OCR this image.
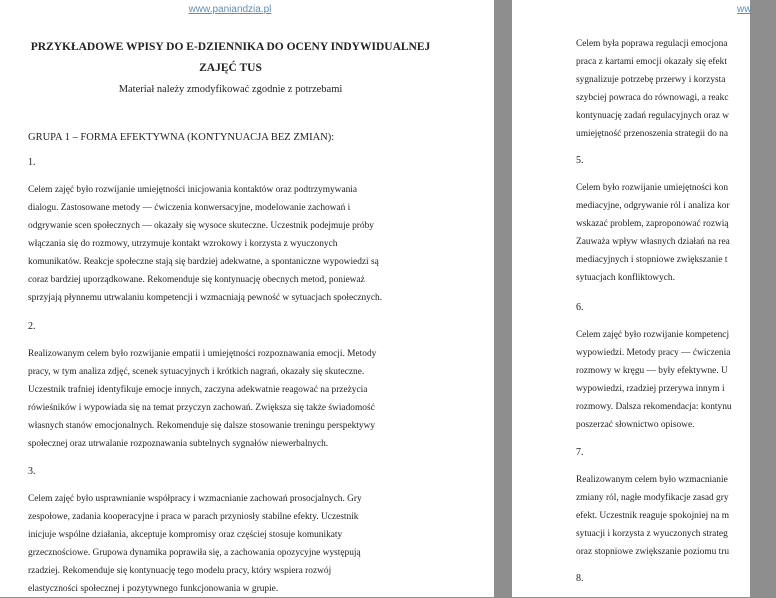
www.paniandzia.pl
PRZYKŁADOWE WPISY DO E-DZIENNIKA DO OCENY INDYWIDUALNEJ
ZAJĘĆ TUS
Materiał należy zmodyfikować zgodnie z potrzebami
GRUPA 1 – FORMA EFEKTYWNA (KONTYNUACJA BEZ ZMIAN):
1.
Celem zajęć było rozwijanie umiejętności inicjowania kontaktów oraz podtrzymywania
dialogu. Zastosowane metody — ćwiczenia konwersacyjne, modelowanie zachowań i
odgrywanie scen społecznych — okazały się wysoce skuteczne. Uczestnik podejmuje próby
włączania się do rozmowy, utrzymuje kontakt wzrokowy i korzysta z wyuczonych
komunikatów. Reakcje społeczne stają się bardziej adekwatne, a spontaniczne wypowiedzi są
coraz bardziej uporządkowane. Rekomenduje się kontynuację obecnych metod, ponieważ
sprzyjają płynnemu utrwalaniu kompetencji i wzmacniają pewność w sytuacjach społecznych.
2.
Realizowanym celem było rozwijanie empatii i umiejętności rozpoznawania emocji. Metody
pracy, w tym analiza zdjęć, scenek sytuacyjnych i krótkich nagrań, okazały się skuteczne.
Uczestnik trafniej identyfikuje emocje innych, zaczyna adekwatnie reagować na przeżycia
rówieśników i wypowiada się na temat przyczyn zachowań. Zwiększa się także świadomość
własnych stanów emocjonalnych. Rekomenduje się dalsze stosowanie treningu perspektywy
społecznej oraz utrwalanie rozpoznawania subtelnych sygnałów niewerbalnych.
3.
Celem zajęć było usprawnianie współpracy i wzmacnianie zachowań prosocjalnych. Gry
zespołowe, zadania kooperacyjne i praca w parach przyniosły stabilne efekty. Uczestnik
inicjuje wspólne działania, akceptuje kompromisy oraz częściej stosuje komunikaty
grzecznościowe. Grupowa dynamika poprawiła się, a zachowania opozycyjne występują
rzadziej. Rekomenduje się kontynuację tego modelu pracy, który wspiera rozwój
elastyczności społecznej i pozytywnego funkcjonowania w grupie.
ww
Celem była poprawa regulacji emocjona
praca z kartami emocji okazały się efekt
sygnalizuje potrzebę przerwy i korzysta
szybciej powraca do równowagi, a reakc
kontynuację zadań regulacyjnych oraz w
umiejętność przenoszenia strategii do na
5.
Celem było rozwijanie umiejętności kon
mediacyjne, odgrywanie ról i analiza kor
wskazać problem, zaproponować rozwią
Zauważa wpływ własnych działań na rea
mediacyjnych i stopniowe zwiększanie t
sytuacjach konfliktowych.
6.
Celem zajęć było rozwijanie kompetencj
wypowiedzi. Metody pracy — ćwiczenia
rozmowy w kręgu — były efektywne. U
wypowiedzi, rzadziej przerywa innym i
rozmowy. Dalsza rekomendacja: kontynu
poszerzać słownictwo opisowe.
7.
Realizowanym celem było wzmacnianie
zmiany ról, nagłe modyfikacje zasad gry
efekt. Uczestnik reaguje spokojniej na m
sytuacji i korzysta z wyuczonych strateg
oraz stopniowe zwiększanie poziomu tru
8.
